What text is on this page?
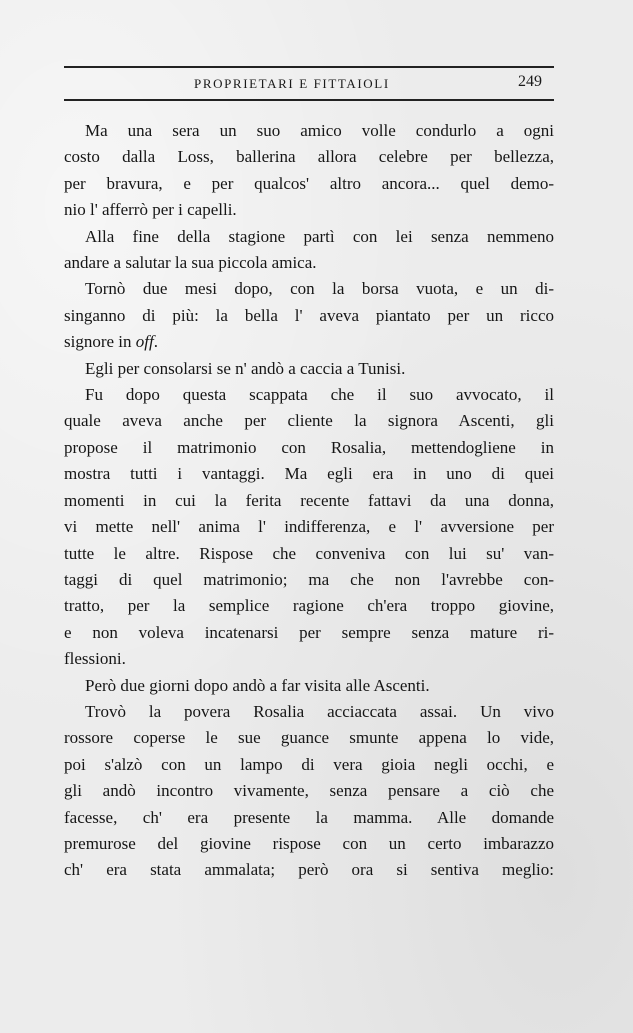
PROPRIETARI E FITTAIOLI	249
Ma una sera un suo amico volle condurlo a ogni
costo dalla Loss, ballerina allora celebre per bellezza,
per bravura, e per qualcos' altro ancora... quel demo-
nio l' afferrò per i capelli.
Alla fine della stagione partì con lei senza nemmeno
andare a salutar la sua piccola amica.
Tornò due mesi dopo, con la borsa vuota, e un di-
singanno di più: la bella l' aveva piantato per un ricco
signore in off.
Egli per consolarsi se n' andò a caccia a Tunisi.
Fu dopo questa scappata che il suo avvocato, il
quale aveva anche per cliente la signora Ascenti, gli
propose il matrimonio con Rosalia, mettendogliene in
mostra tutti i vantaggi. Ma egli era in uno di quei
momenti in cui la ferita recente fattavi da una donna,
vi mette nell' anima l' indifferenza, e l' avversione per
tutte le altre. Rispose che conveniva con lui su' van-
taggi di quel matrimonio; ma che non l'avrebbe con-
tratto, per la semplice ragione ch'era troppo giovine,
e non voleva incatenarsi per sempre senza mature ri-
flessioni.
Però due giorni dopo andò a far visita alle Ascenti.
Trovò la povera Rosalia acciaccata assai. Un vivo
rossore coperse le sue guance smunte appena lo vide,
poi s'alzò con un lampo di vera gioia negli occhi, e
gli andò incontro vivamente, senza pensare a ciò che
facesse, ch' era presente la mamma. Alle domande
premurose del giovine rispose con un certo imbarazzo
ch' era stata ammalata; però ora si sentiva meglio:
